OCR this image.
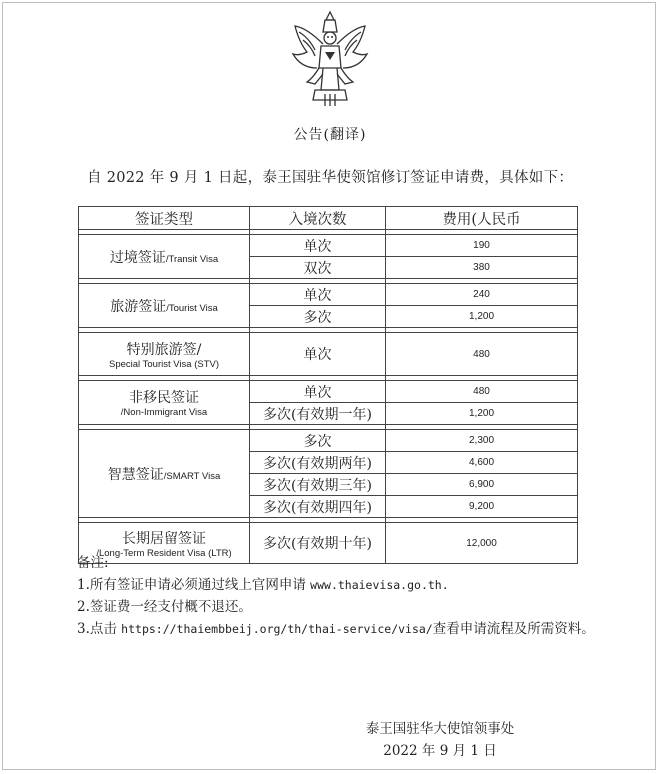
公告(翻译)
自 2022 年 9 月 1 日起，泰王国驻华使领馆修订签证申请费，具体如下：
签证类型	入境次数	费用(人民币

过境签证/Transit Visa	单次	190
	双次	380

旅游签证/Tourist Visa	单次	240
	多次	1,200

特别旅游签/
Special Tourist Visa (STV)	单次	480

非移民签证
/Non-Immigrant Visa	单次	480
	多次(有效期一年)	1,200

智慧签证/SMART Visa	多次	2,300
	多次(有效期两年)	4,600
	多次(有效期三年)	6,900
	多次(有效期四年)	9,200

长期居留签证
/Long-Term Resident Visa (LTR)	多次(有效期十年)	12,000
备注:
1.所有签证申请必须通过线上官网申请 www.thaievisa.go.th.
2.签证费一经支付概不退还。
3.点击 https://thaiembbeij.org/th/thai-service/visa/查看申请流程及所需资料。
泰王国驻华大使馆领事处
2022 年 9 月 1 日
